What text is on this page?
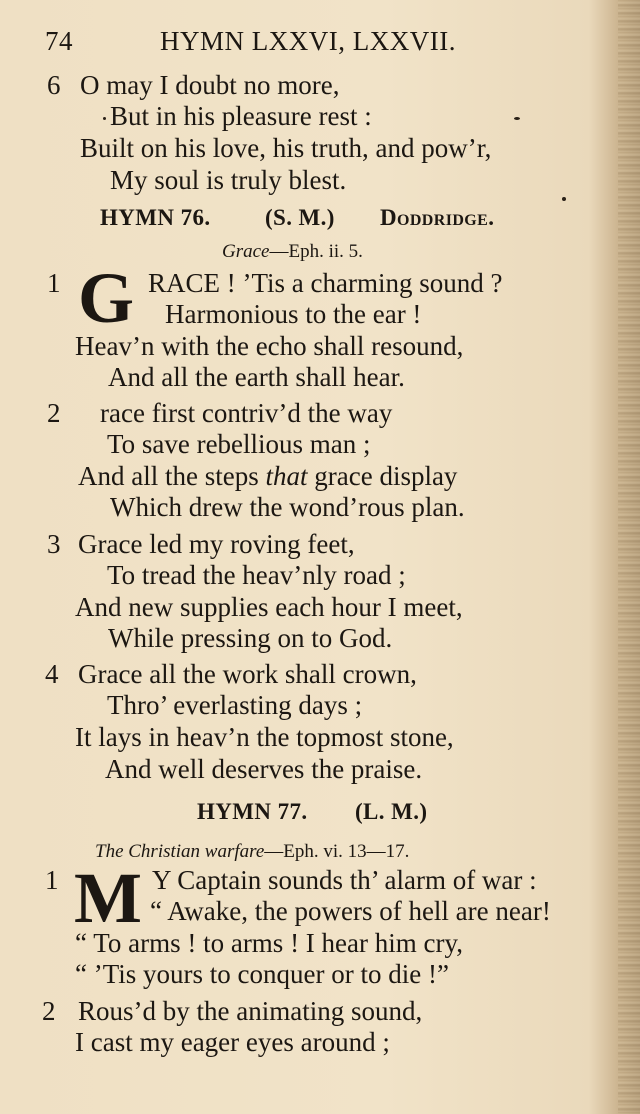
74	HYMN LXXVI, LXXVII.
6 O may I doubt no more,
But in his pleasure rest :
Built on his love, his truth, and pow’r,
My soul is truly blest.
HYMN 76. (S. M.) Doddridge.
Grace—Eph. ii. 5.
1 G RACE ! ’Tis a charming sound ?
Harmonious to the ear !
Heav’n with the echo shall resound,
And all the earth shall hear.
2 race first contriv’d the way
To save rebellious man ;
And all the steps that grace display
Which drew the wond’rous plan.
3 Grace led my roving feet,
To tread the heav’nly road ;
And new supplies each hour I meet,
While pressing on to God.
4 Grace all the work shall crown,
Thro’ everlasting days ;
It lays in heav’n the topmost stone,
And well deserves the praise.
HYMN 77. (L. M.)
The Christian warfare—Eph. vi. 13—17.
1 M Y Captain sounds th’ alarm of war :
“ Awake, the powers of hell are near!
“ To arms ! to arms ! I hear him cry,
“ ’Tis yours to conquer or to die !”
2 Rous’d by the animating sound,
I cast my eager eyes around ;
